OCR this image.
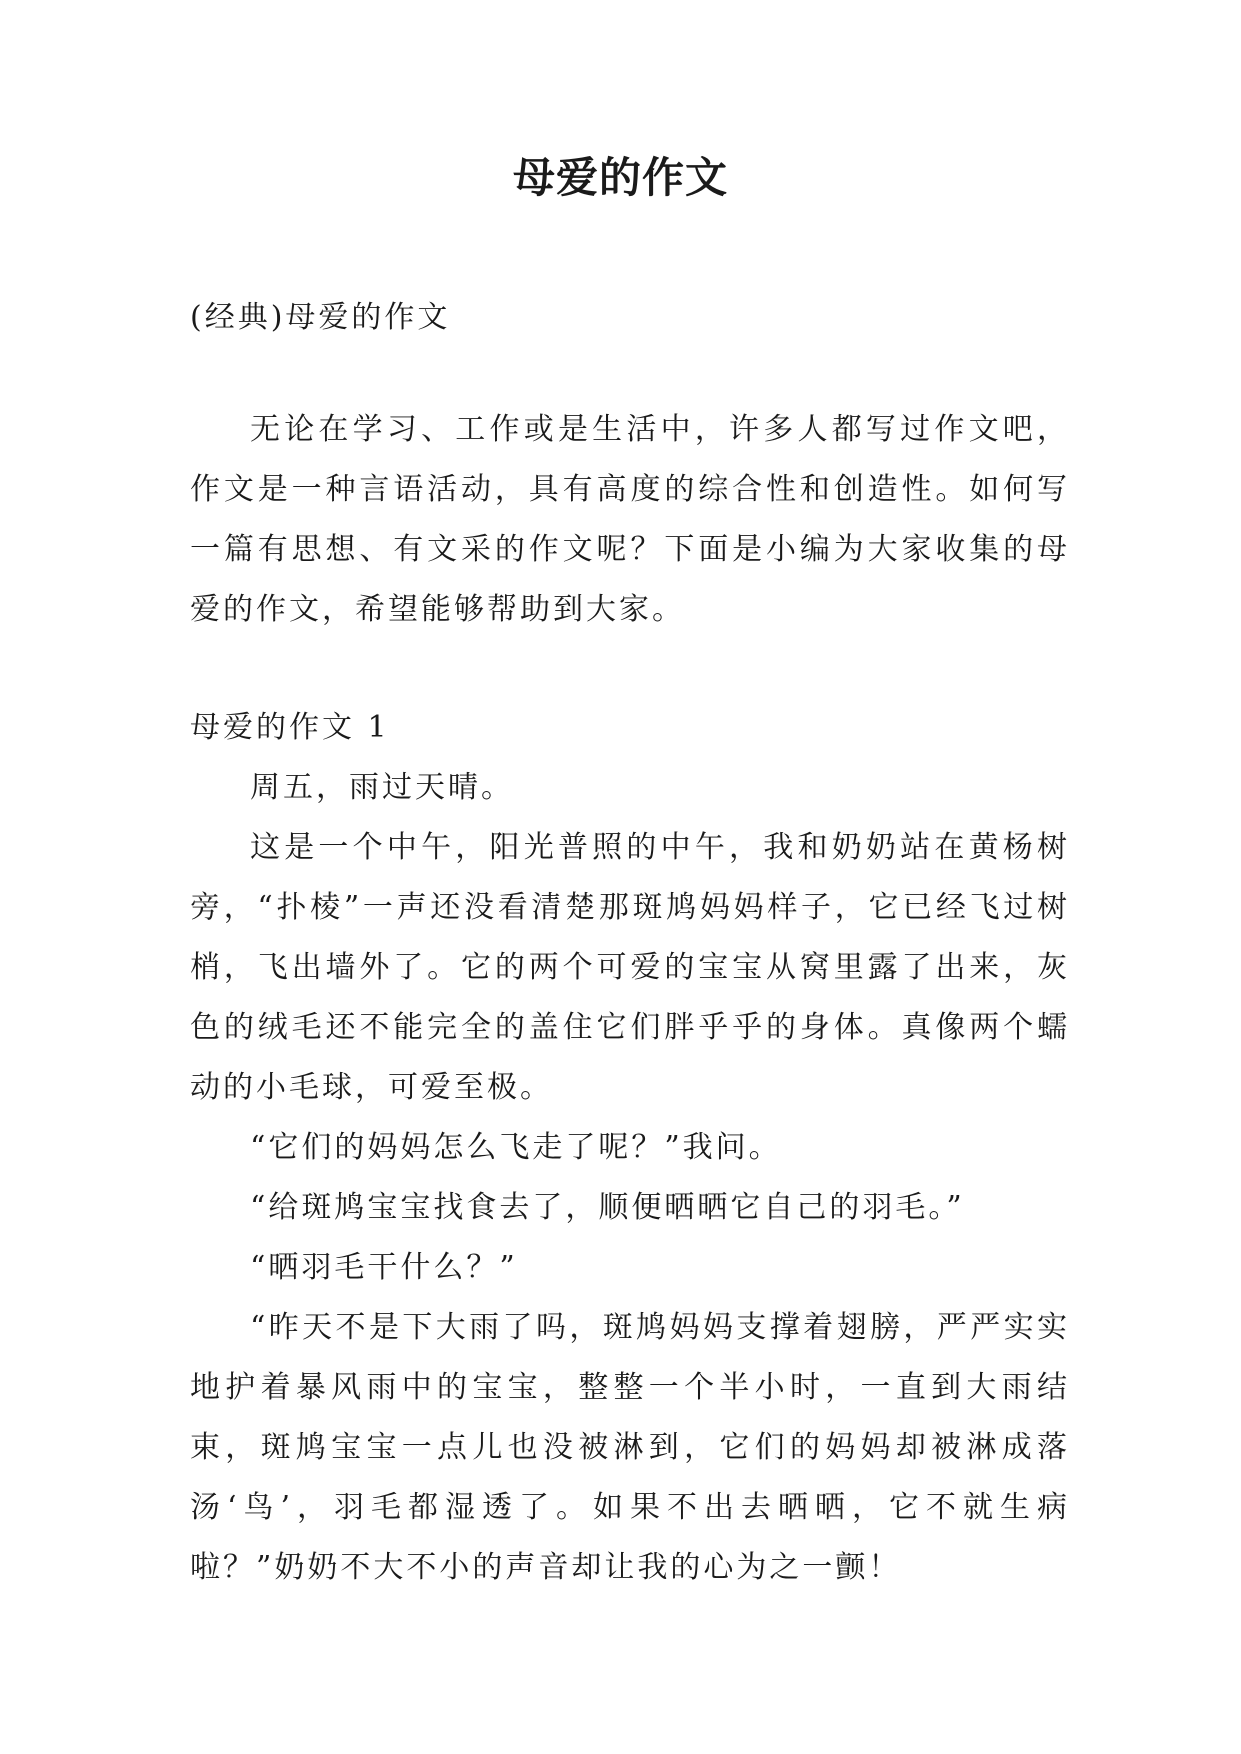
母爱的作文

(经典)母爱的作文

无论在学习、工作或是生活中，许多人都写过作文吧，作文是一种言语活动，具有高度的综合性和创造性。如何写一篇有思想、有文采的作文呢？下面是小编为大家收集的母爱的作文，希望能够帮助到大家。

母爱的作文 1

周五，雨过天晴。

这是一个中午，阳光普照的中午，我和奶奶站在黄杨树旁，“扑棱”一声还没看清楚那斑鸠妈妈样子，它已经飞过树梢，飞出墙外了。它的两个可爱的宝宝从窝里露了出来，灰色的绒毛还不能完全的盖住它们胖乎乎的身体。真像两个蠕动的小毛球，可爱至极。

“它们的妈妈怎么飞走了呢？”我问。

“给斑鸠宝宝找食去了，顺便晒晒它自己的羽毛。”

“晒羽毛干什么？”

“昨天不是下大雨了吗，斑鸠妈妈支撑着翅膀，严严实实地护着暴风雨中的宝宝，整整一个半小时，一直到大雨结束，斑鸠宝宝一点儿也没被淋到，它们的妈妈却被淋成落汤‘鸟’，羽毛都湿透了。如果不出去晒晒，它不就生病啦？”奶奶不大不小的声音却让我的心为之一颤！
